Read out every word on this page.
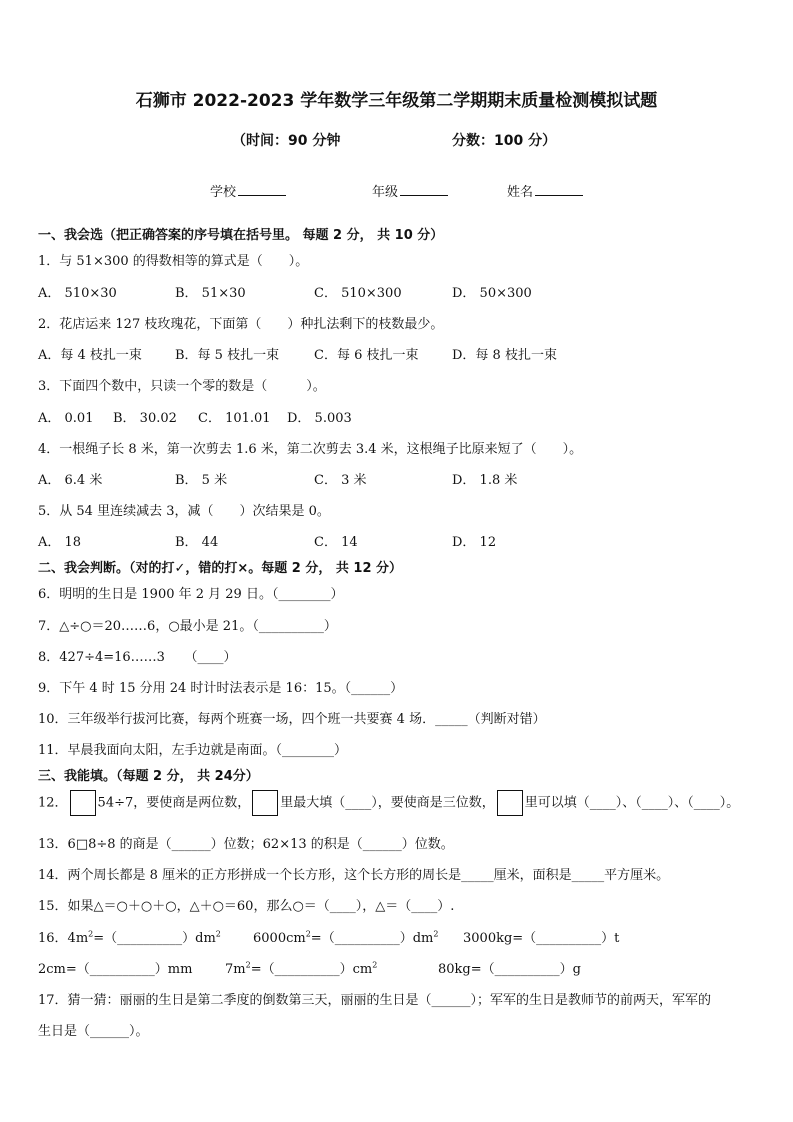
石狮市 2022-2023 学年数学三年级第二学期期末质量检测模拟试题
（时间：90 分钟	分数：100 分）
学校	年级	姓名
一、我会选（把正确答案的序号填在括号里。 每题 2 分， 共 10 分）
1．与 51×300 的得数相等的算式是（　　）。
A． 510×30	B． 51×30	C． 510×300	D． 50×300
2．花店运来 127 枝玫瑰花，下面第（　　）种扎法剩下的枝数最少。
A．每 4 枝扎一束	B．每 5 枝扎一束	C．每 6 枝扎一束	D．每 8 枝扎一束
3．下面四个数中，只读一个零的数是（　　　）。
A． 0.01 B． 30.02 C． 101.01 D． 5.003
4．一根绳子长 8 米，第一次剪去 1.6 米，第二次剪去 3.4 米，这根绳子比原来短了（　　）。
A． 6.4 米	B． 5 米	C． 3 米	D． 1.8 米
5．从 54 里连续减去 3，减（　　）次结果是 0。
A． 18	B． 44	C． 14	D． 12
二、我会判断。（对的打✓，错的打×。每题 2 分， 共 12 分）
6．明明的生日是 1900 年 2 月 29 日。（________）
7．△÷○＝20……6，○最小是 21。（__________）
8．427÷4=16……3　　（____）
9．下午 4 时 15 分用 24 时计时法表示是 16：15。（______）
10．三年级举行拔河比赛，每两个班赛一场，四个班一共要赛 4 场．_____（判断对错）
11．早晨我面向太阳，左手边就是南面。（________）
三、我能填。（每题 2 分， 共 24分）
12． 54÷7，要使商是两位数， 里最大填（____），要使商是三位数， 里可以填（____）、（____）、（____）。
13．6□8÷8 的商是（______）位数；62×13 的积是（______）位数。
14．两个周长都是 8 厘米的正方形拼成一个长方形，这个长方形的周长是_____厘米，面积是_____平方厘米。
15．如果△＝○＋○＋○，△＋○＝60，那么○＝（____），△＝（____）.
16．$4m^2=(\_\_\_\_\_\_\_\_\_\_)dm^2$ $6000cm^2=(\_\_\_\_\_\_\_\_\_\_)dm^2$ 3000kg=（__________）t
2cm=（__________）mm	$7m^2=(\_\_\_\_\_\_\_\_\_\_)cm^2$	80kg=（__________）g
17．猜一猜：丽丽的生日是第二季度的倒数第三天，丽丽的生日是（______）；军军的生日是教师节的前两天，军军的
生日是（______）。
